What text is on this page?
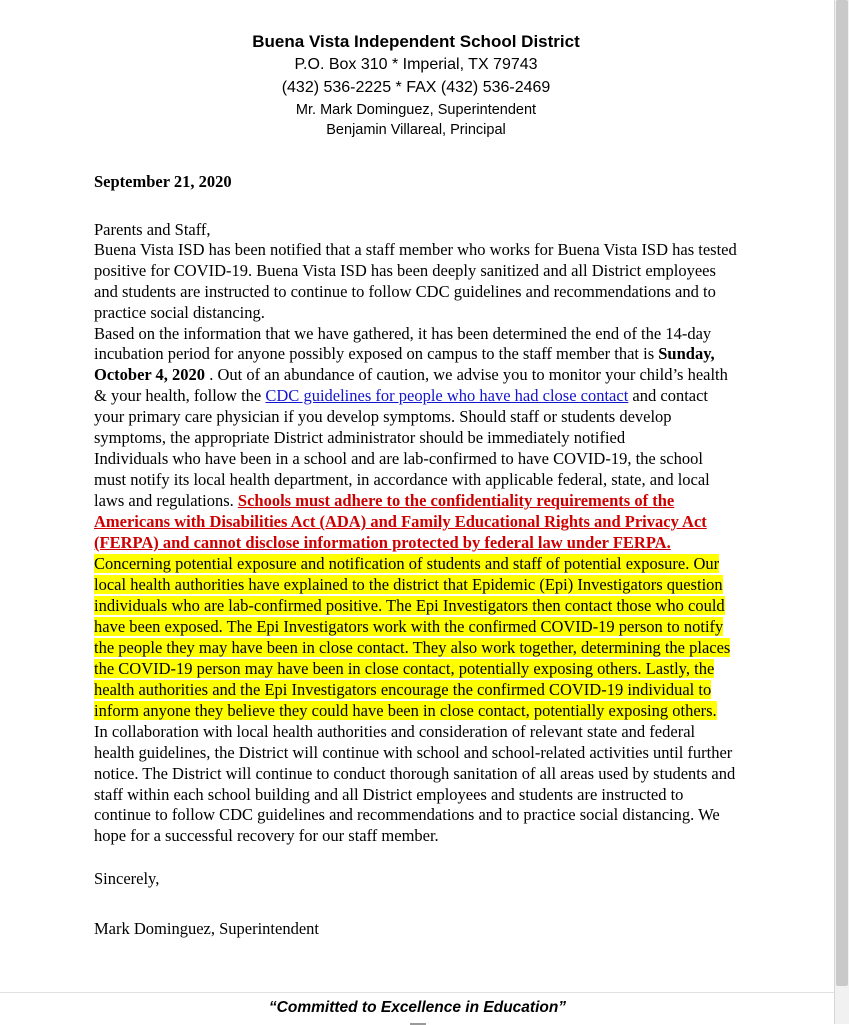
Buena Vista Independent School District
P.O. Box 310 * Imperial, TX 79743
(432) 536-2225 * FAX (432) 536-2469
Mr. Mark Dominguez, Superintendent
Benjamin Villareal, Principal
September 21, 2020
Parents and Staff,

Buena Vista ISD has been notified that a staff member who works for Buena Vista ISD has tested positive for COVID-19. Buena Vista ISD has been deeply sanitized and all District employees and students are instructed to continue to follow CDC guidelines and recommendations and to practice social distancing.

Based on the information that we have gathered, it has been determined the end of the 14-day incubation period for anyone possibly exposed on campus to the staff member that is Sunday, October 4, 2020 . Out of an abundance of caution, we advise you to monitor your child’s health & your health, follow the CDC guidelines for people who have had close contact and contact your primary care physician if you develop symptoms. Should staff or students develop symptoms, the appropriate District administrator should be immediately notified

Individuals who have been in a school and are lab-confirmed to have COVID-19, the school must notify its local health department, in accordance with applicable federal, state, and local laws and regulations. Schools must adhere to the confidentiality requirements of the Americans with Disabilities Act (ADA) and Family Educational Rights and Privacy Act (FERPA) and cannot disclose information protected by federal law under FERPA.

Concerning potential exposure and notification of students and staff of potential exposure. Our local health authorities have explained to the district that Epidemic (Epi) Investigators question individuals who are lab-confirmed positive. The Epi Investigators then contact those who could have been exposed. The Epi Investigators work with the confirmed COVID-19 person to notify the people they may have been in close contact. They also work together, determining the places the COVID-19 person may have been in close contact, potentially exposing others. Lastly, the health authorities and the Epi Investigators encourage the confirmed COVID-19 individual to inform anyone they believe they could have been in close contact, potentially exposing others.

In collaboration with local health authorities and consideration of relevant state and federal health guidelines, the District will continue with school and school-related activities until further notice. The District will continue to conduct thorough sanitation of all areas used by students and staff within each school building and all District employees and students are instructed to continue to follow CDC guidelines and recommendations and to practice social distancing. We hope for a successful recovery for our staff member.

Sincerely,
Mark Dominguez, Superintendent
“Committed to Excellence in Education”
